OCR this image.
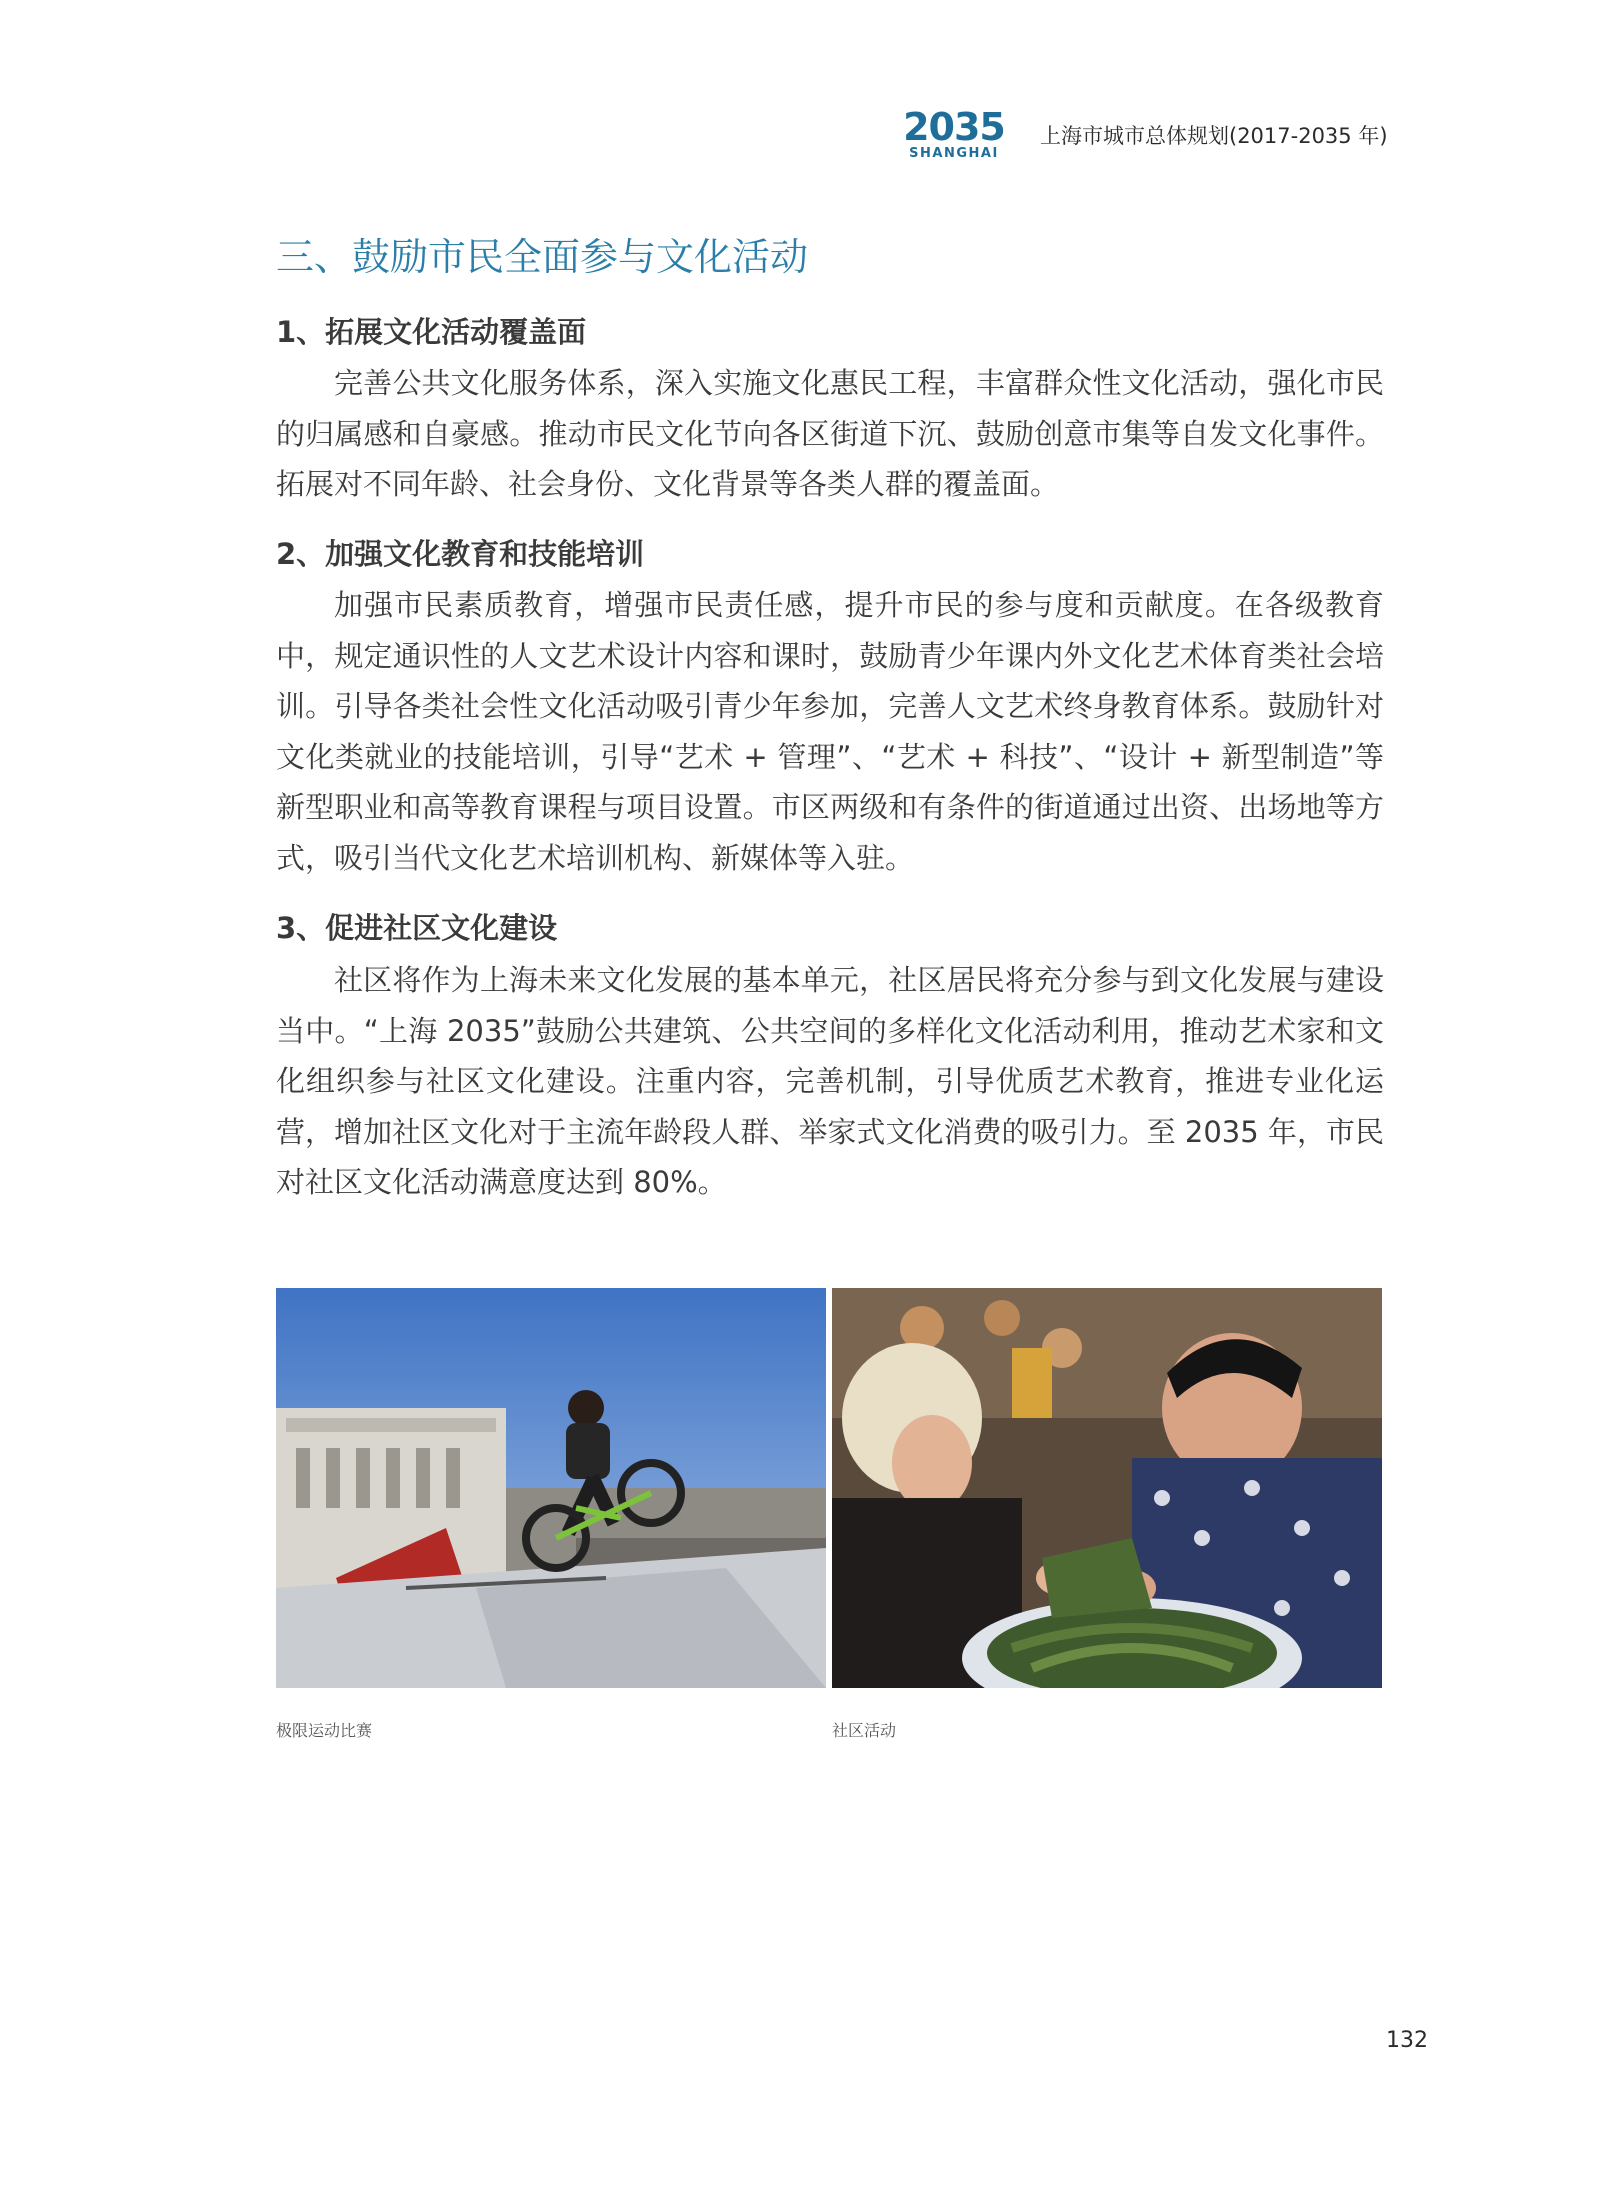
2035
SHANGHAI
上海市城市总体规划(2017-2035 年)
三、鼓励市民全面参与文化活动
1、拓展文化活动覆盖面

完善公共文化服务体系，深入实施文化惠民工程，丰富群众性文化活动，强化市民的归属感和自豪感。推动市民文化节向各区街道下沉、鼓励创意市集等自发文化事件。拓展对不同年龄、社会身份、文化背景等各类人群的覆盖面。

2、加强文化教育和技能培训

加强市民素质教育，增强市民责任感，提升市民的参与度和贡献度。在各级教育中，规定通识性的人文艺术设计内容和课时，鼓励青少年课内外文化艺术体育类社会培训。引导各类社会性文化活动吸引青少年参加，完善人文艺术终身教育体系。鼓励针对文化类就业的技能培训，引导“艺术 + 管理”、“艺术 + 科技”、“设计 + 新型制造”等新型职业和高等教育课程与项目设置。市区两级和有条件的街道通过出资、出场地等方式，吸引当代文化艺术培训机构、新媒体等入驻。

3、促进社区文化建设

社区将作为上海未来文化发展的基本单元，社区居民将充分参与到文化发展与建设当中。“上海 2035”鼓励公共建筑、公共空间的多样化文化活动利用，推动艺术家和文化组织参与社区文化建设。注重内容，完善机制，引导优质艺术教育，推进专业化运营，增加社区文化对于主流年龄段人群、举家式文化消费的吸引力。至 2035 年，市民对社区文化活动满意度达到 80%。

极限运动比赛	社区活动
132
